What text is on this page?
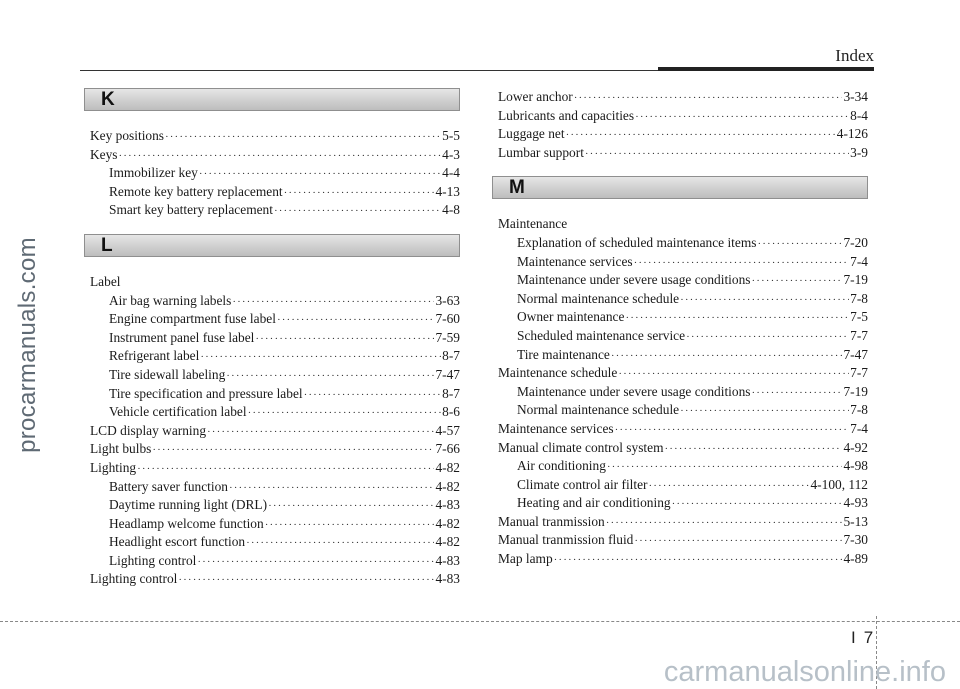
procarmanuals.com
Index
K
Key positions ·····	5-5
Keys ·····	4-3
Immobilizer key ·····	4-4
Remote key battery replacement ·····	4-13
Smart key battery replacement ·····	4-8
L
Label
Air bag warning labels ·····	3-63
Engine compartment fuse label ·····	7-60
Instrument panel fuse label ·····	7-59
Refrigerant label ·····	8-7
Tire sidewall labeling ·····	7-47
Tire specification and pressure label ·····	8-7
Vehicle certification label ·····	8-6
LCD display warning ·····	4-57
Light bulbs ·····	7-66
Lighting ·····	4-82
Battery saver function ·····	4-82
Daytime running light (DRL) ·····	4-83
Headlamp welcome function ·····	4-82
Headlight escort function ·····	4-82
Lighting control ·····	4-83
Lighting control ·····	4-83
Lower anchor ·····	3-34
Lubricants and capacities ·····	8-4
Luggage net ·····	4-126
Lumbar support ·····	3-9
M
Maintenance
Explanation of scheduled maintenance items ·····	7-20
Maintenance services ·····	7-4
Maintenance under severe usage conditions ·····	7-19
Normal maintenance schedule ·····	7-8
Owner maintenance ·····	7-5
Scheduled maintenance service ·····	7-7
Tire maintenance ·····	7-47
Maintenance schedule ·····	7-7
Maintenance under severe usage conditions ·····	7-19
Normal maintenance schedule ·····	7-8
Maintenance services ·····	7-4
Manual climate control system ·····	4-92
Air conditioning ·····	4-98
Climate control air filter ·····	4-100, 112
Heating and air conditioning ·····	4-93
Manual tranmission ·····	5-13
Manual tranmission fluid ·····	7-30
Map lamp ·····	4-89
I 7
carmanualsonline.info
